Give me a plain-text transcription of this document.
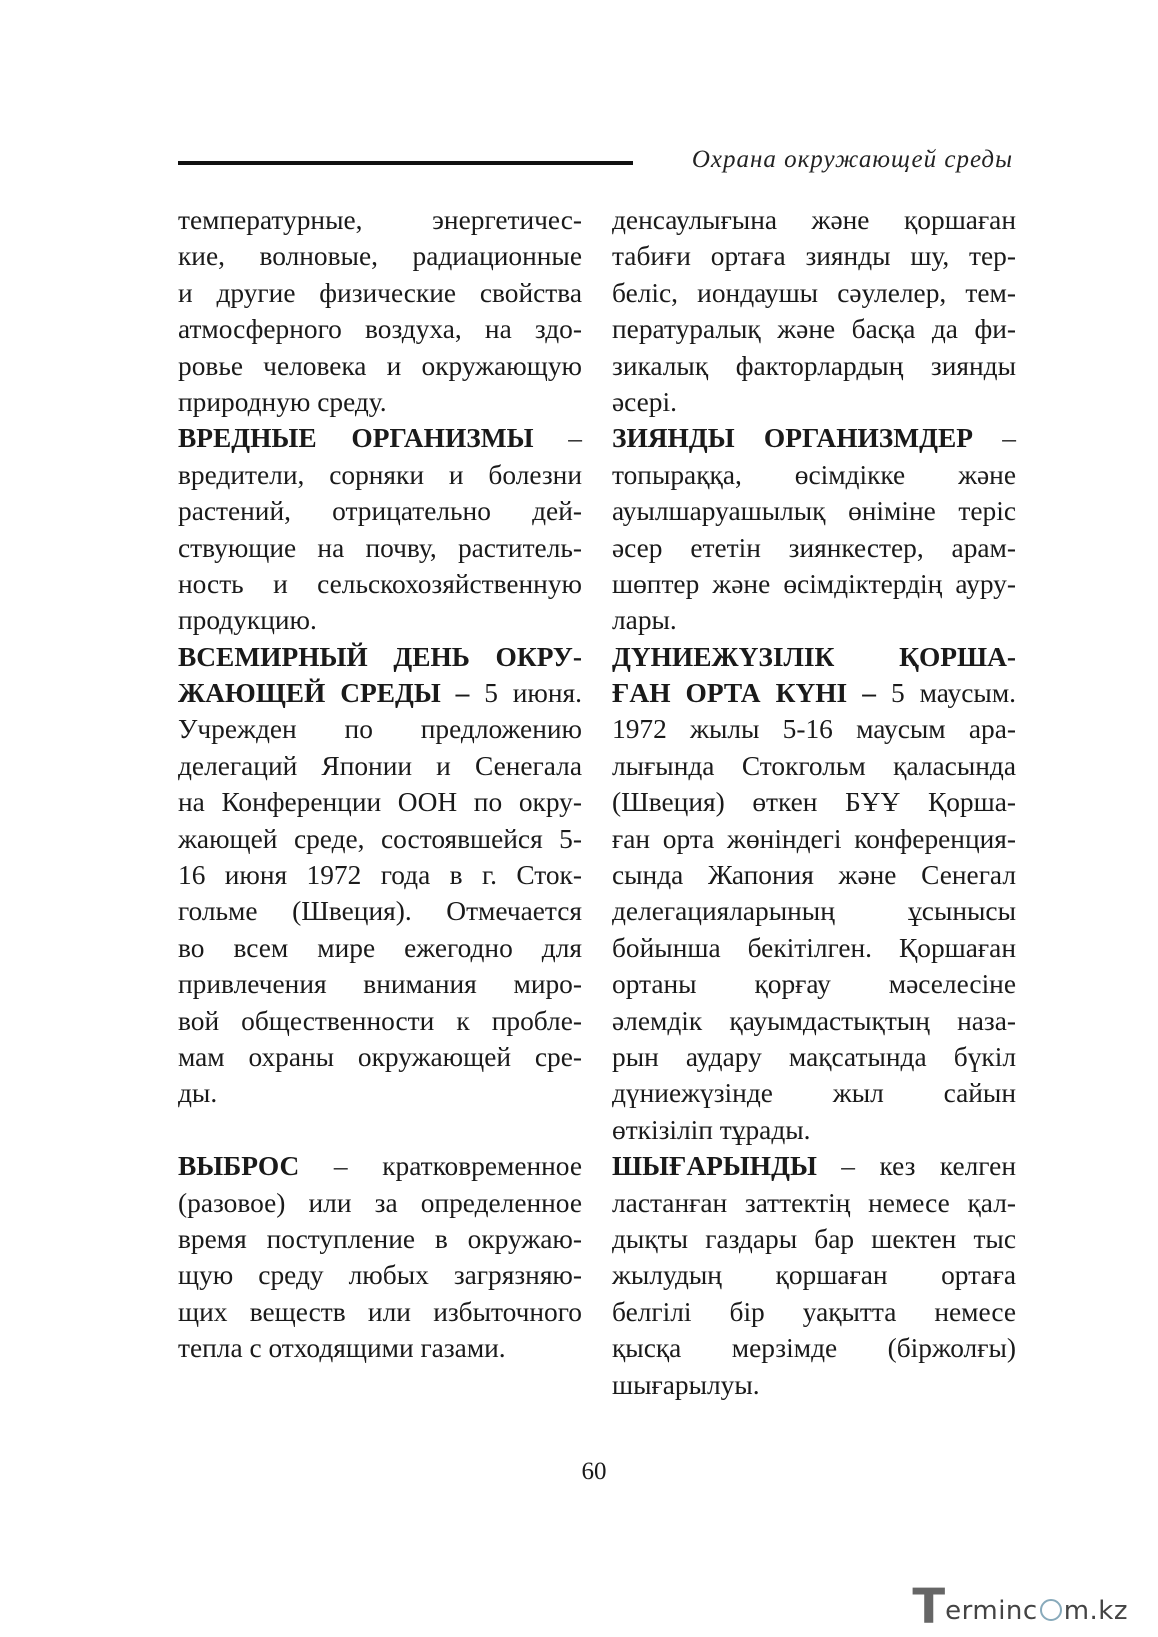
Охрана окружающей среды
температурные, энергетичес-
кие, волновые, радиационные
и другие физические свойства
атмосферного воздуха, на здо-
ровье человека и окружающую
природную среду.
ВРЕДНЫЕ ОРГАНИЗМЫ –
вредители, сорняки и болезни
растений, отрицательно дей-
ствующие на почву, раститель-
ность и сельскохозяйственную
продукцию.
ВСЕМИРНЫЙ ДЕНЬ ОКРУ-
ЖАЮЩЕЙ СРЕДЫ – 5 июня.
Учрежден по предложению
делегаций Японии и Сенегала
на Конференции ООН по окру-
жающей среде, состоявшейся 5-
16 июня 1972 года в г. Сток-
гольме (Швеция). Отмечается
во всем мире ежегодно для
привлечения внимания миро-
вой общественности к пробле-
мам охраны окружающей сре-
ды.
ВЫБРОС – кратковременное
(разовое) или за определенное
время поступление в окружаю-
щую среду любых загрязняю-
щих веществ или избыточного
тепла с отходящими газами.
денсаулығына және қоршаған
табиғи ортаға зиянды шу, тер-
беліс, иондаушы сәулелер, тем-
пературалық және басқа да фи-
зикалық факторлардың зиянды
әсері.
ЗИЯНДЫ ОРГАНИЗМДЕР –
топыраққа, өсімдікке және
ауылшаруашылық өніміне теріс
әсер ететін зиянкестер, арам-
шөптер және өсімдіктердің ауру-
лары.
ДҮНИЕЖҮЗІЛІК ҚОРША-
ҒАН ОРТА КҮНІ – 5 маусым.
1972 жылы 5-16 маусым ара-
лығында Стокгольм қаласында
(Швеция) өткен БҰҰ Қорша-
ған орта жөніндегі конференция-
сында Жапония және Сенегал
делегацияларының ұсынысы
бойынша бекітілген. Қоршаған
ортаны қорғау мәселесіне
әлемдік қауымдастықтың наза-
рын аудару мақсатында бүкіл
дүниежүзінде жыл сайын
өткізіліп тұрады.
ШЫҒАРЫНДЫ – кез келген
ластанған заттектің немесе қал-
дықты газдары бар шектен тыс
жылудың қоршаған ортаға
белгілі бір уақытта немесе
қысқа мерзімде (біржолғы)
шығарылуы.
60
T erminc m.kz
